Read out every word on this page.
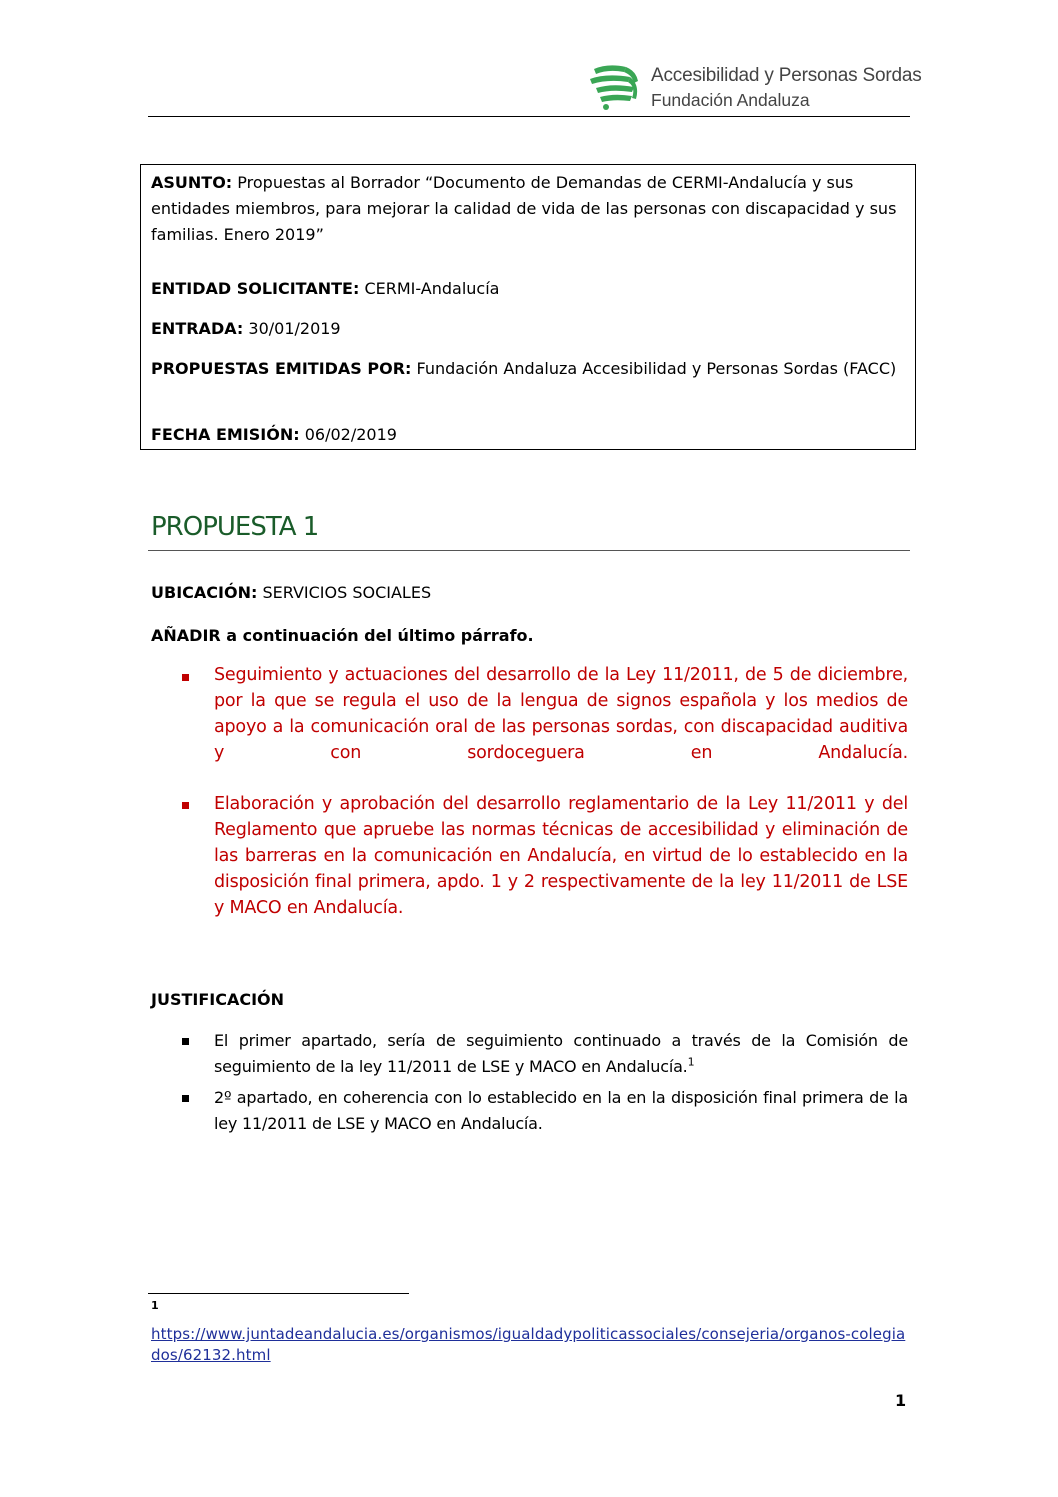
Accesibilidad y Personas Sordas
Fundación Andaluza

ASUNTO: Propuestas al Borrador “Documento de Demandas de CERMI-Andalucía y sus entidades miembros, para mejorar la calidad de vida de las personas con discapacidad y sus familias. Enero 2019”

ENTIDAD SOLICITANTE: CERMI-Andalucía

ENTRADA: 30/01/2019

PROPUESTAS EMITIDAS POR: Fundación Andaluza Accesibilidad y Personas Sordas (FACC)

FECHA EMISIÓN: 06/02/2019

PROPUESTA 1
UBICACIÓN: SERVICIOS SOCIALES
AÑADIR a continuación del último párrafo.

Seguimiento y actuaciones del desarrollo de la Ley 11/2011, de 5 de diciembre, por la que se regula el uso de la lengua de signos española y los medios de apoyo a la comunicación oral de las personas sordas, con discapacidad auditiva y con sordoceguera en Andalucía.

Elaboración y aprobación del desarrollo reglamentario de la Ley 11/2011 y del Reglamento que apruebe las normas técnicas de accesibilidad y eliminación de las barreras en la comunicación en Andalucía, en virtud de lo establecido en la disposición final primera, apdo. 1 y 2 respectivamente de la ley 11/2011 de LSE y MACO en Andalucía.

JUSTIFICACIÓN

El primer apartado, sería de seguimiento continuado a través de la Comisión de seguimiento de la ley 11/2011 de LSE y MACO en Andalucía.$^1$

2º apartado, en coherencia con lo establecido en la en la disposición final primera de la ley 11/2011 de LSE y MACO en Andalucía.

1
https://www.juntadeandalucia.es/organismos/igualdadypoliticassociales/consejeria/organos-colegiados/62132.html
1
